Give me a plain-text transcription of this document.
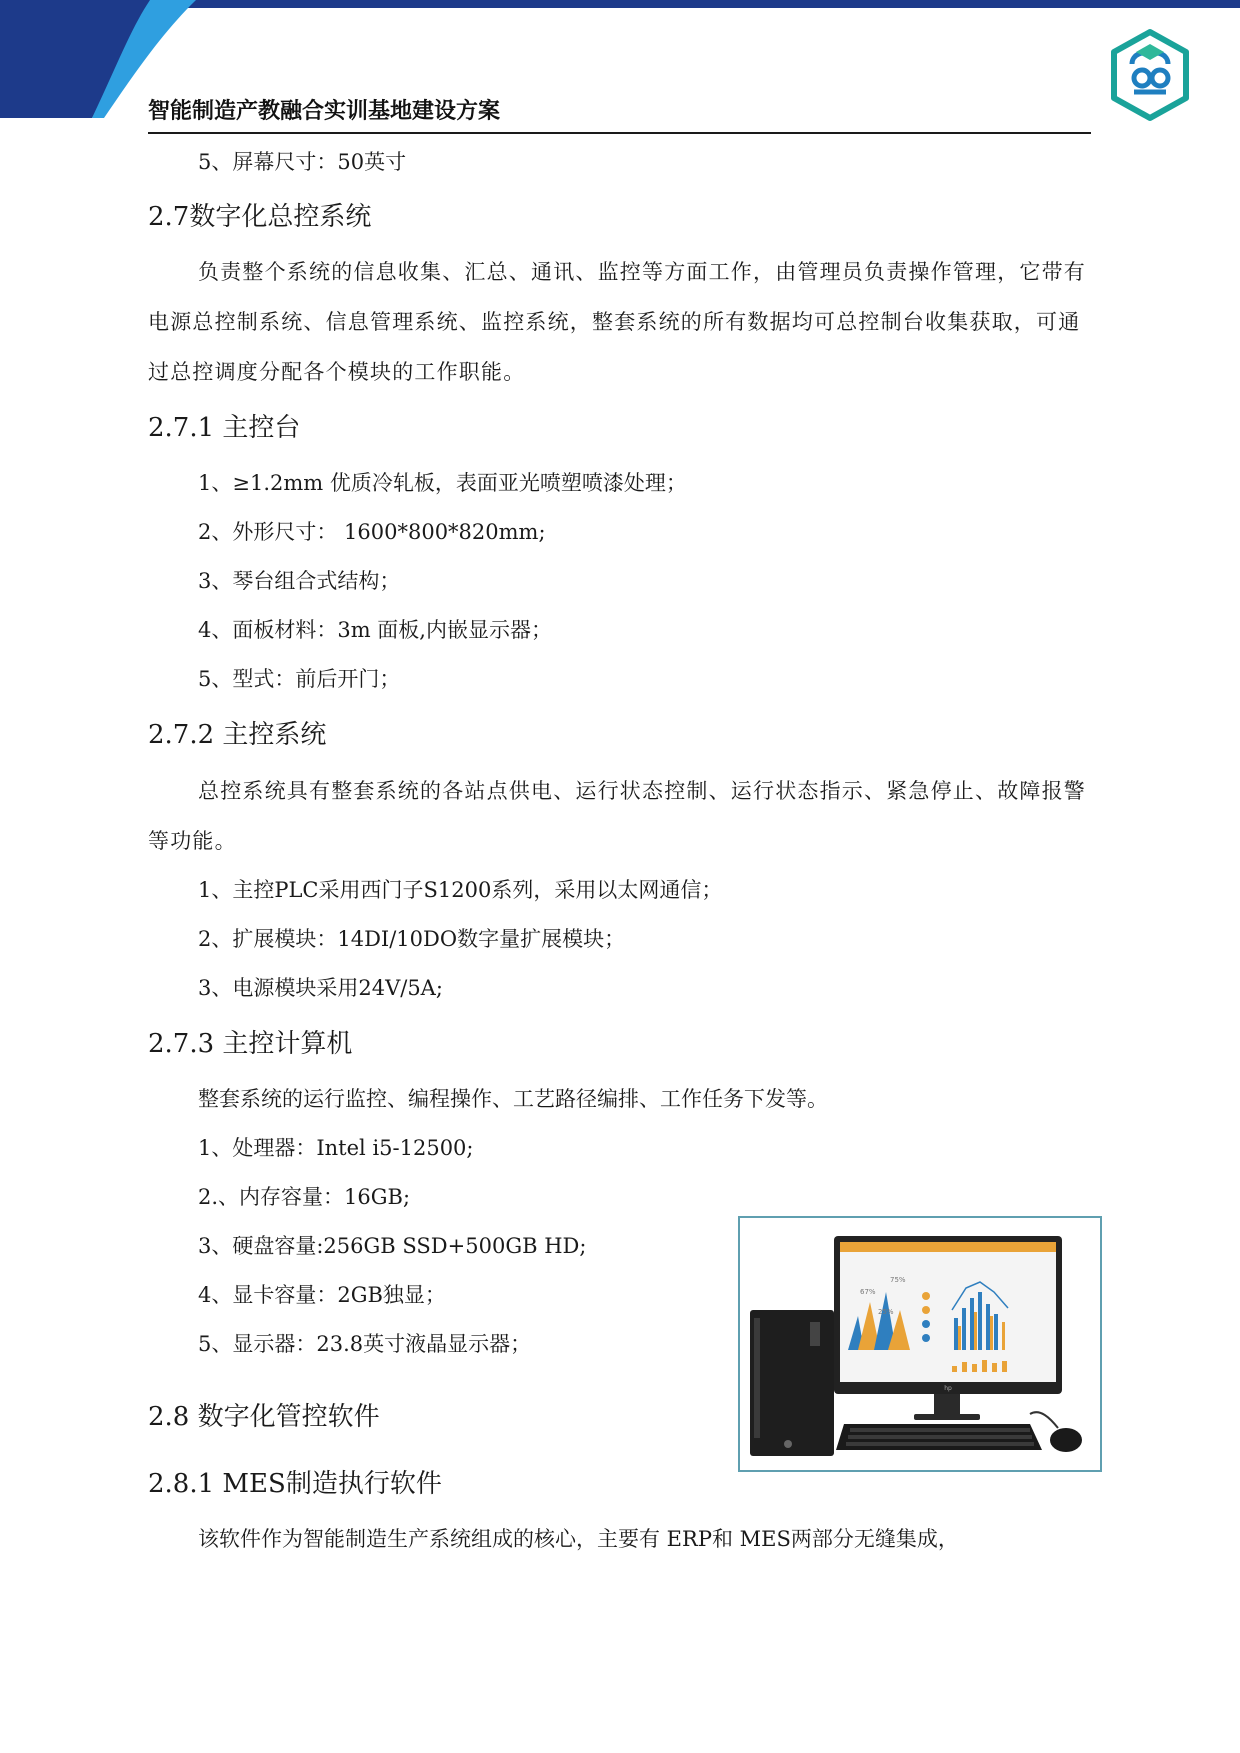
智能制造产教融合实训基地建设方案

5、屏幕尺寸：50英寸

2.7数字化总控系统

负责整个系统的信息收集、汇总、通讯、监控等方面工作，由管理员负责操作管理，它带有电源总控制系统、信息管理系统、监控系统，整套系统的所有数据均可总控制台收集获取，可通过总控调度分配各个模块的工作职能。

2.7.1 主控台

1、≥1.2mm 优质冷轧板，表面亚光喷塑喷漆处理；

2、外形尺寸： 1600*800*820mm;

3、琴台组合式结构；

4、面板材料：3m 面板,内嵌显示器；

5、型式：前后开门；

2.7.2 主控系统

总控系统具有整套系统的各站点供电、运行状态控制、运行状态指示、紧急停止、故障报警等功能。

1、主控PLC采用西门子S1200系列，采用以太网通信；

2、扩展模块：14DI/10DO数字量扩展模块；

3、电源模块采用24V/5A;

2.7.3 主控计算机

整套系统的运行监控、编程操作、工艺路径编排、工作任务下发等。

1、处理器：Intel i5-12500;

2.、内存容量：16GB;

3、硬盘容量:256GB SSD+500GB HD;

4、显卡容量：2GB独显；

5、显示器：23.8英寸液晶显示器；

2.8 数字化管控软件
2.8.1 MES制造执行软件

该软件作为智能制造生产系统组成的核心，主要有 ERP和 MES两部分无缝集成，

hp
67%
75%
25%
